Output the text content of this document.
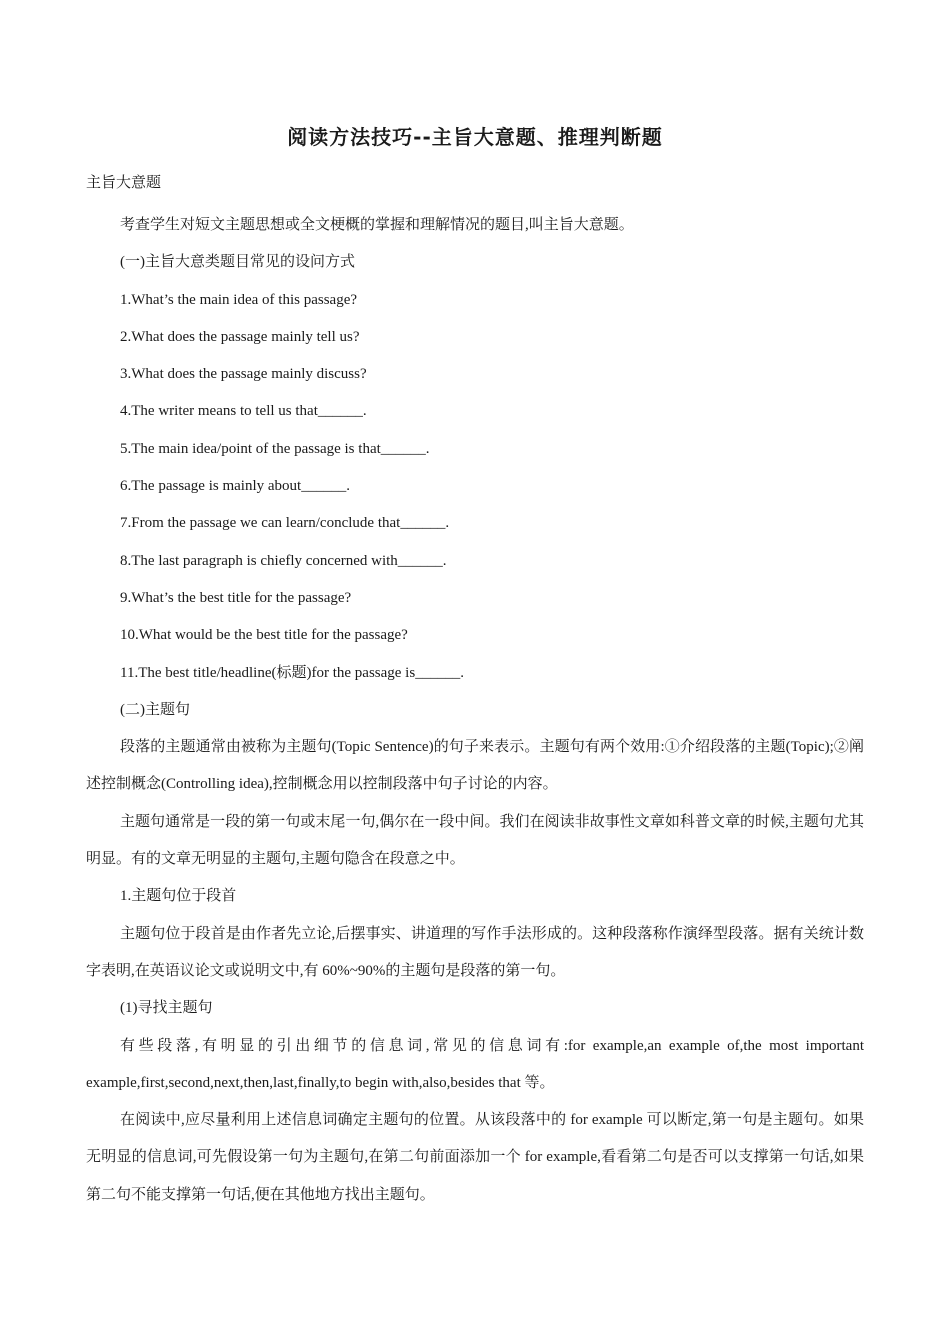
阅读方法技巧--主旨大意题、推理判断题
主旨大意题

考查学生对短文主题思想或全文梗概的掌握和理解情况的题目,叫主旨大意题。

(一)主旨大意类题目常见的设问方式

1.What’s the main idea of this passage?

2.What does the passage mainly tell us?

3.What does the passage mainly discuss?

4.The writer means to tell us that______.

5.The main idea/point of the passage is that______.

6.The passage is mainly about______.

7.From the passage we can learn/conclude that______.

8.The last paragraph is chiefly concerned with______.

9.What’s the best title for the passage?

10.What would be the best title for the passage?

11.The best title/headline(标题)for the passage is______.

(二)主题句

段落的主题通常由被称为主题句(Topic Sentence)的句子来表示。主题句有两个效用:①介绍段落的主题(Topic);②阐述控制概念(Controlling idea),控制概念用以控制段落中句子讨论的内容。

主题句通常是一段的第一句或末尾一句,偶尔在一段中间。我们在阅读非故事性文章如科普文章的时候,主题句尤其明显。有的文章无明显的主题句,主题句隐含在段意之中。

1.主题句位于段首

主题句位于段首是由作者先立论,后摆事实、讲道理的写作手法形成的。这种段落称作演绎型段落。据有关统计数字表明,在英语议论文或说明文中,有 60%~90%的主题句是段落的第一句。

(1)寻找主题句

有些段落,有明显的引出细节的信息词,常见的信息词有:for example,an example of,the most important example,first,second,next,then,last,finally,to begin with,also,besides that 等。

在阅读中,应尽量利用上述信息词确定主题句的位置。从该段落中的 for example 可以断定,第一句是主题句。如果无明显的信息词,可先假设第一句为主题句,在第二句前面添加一个 for example,看看第二句是否可以支撑第一句话,如果第二句不能支撑第一句话,便在其他地方找出主题句。
